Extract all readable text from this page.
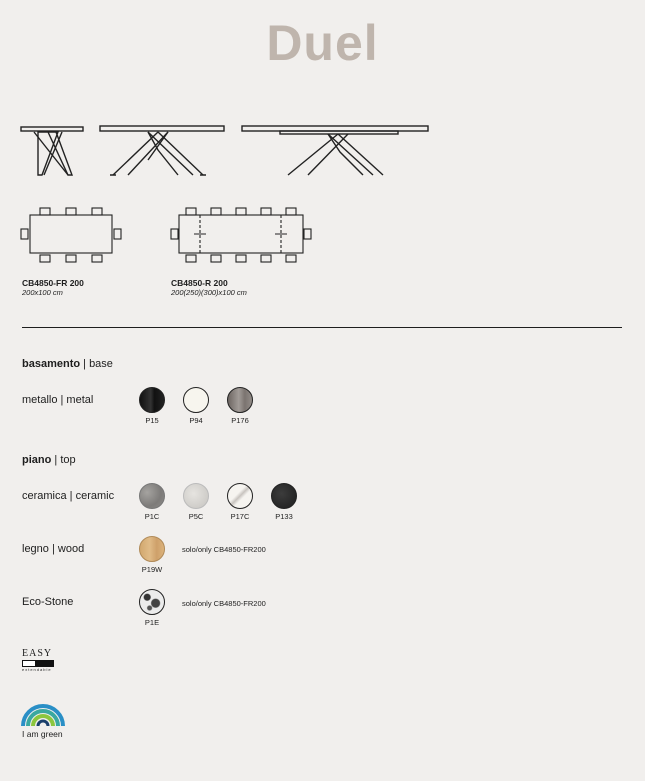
Duel
CB4850-FR 200
200x100 cm
CB4850-R 200
200(250)(300)x100 cm
basamento | base
metallo | metal
P15	P94	P176
piano | top
ceramica | ceramic
P1C	P5C	P17C	P133
legno | wood	solo/only CB4850-FR200
P19W
Eco-Stone	solo/only CB4850-FR200
P1E
EASY
extendable
I am green
